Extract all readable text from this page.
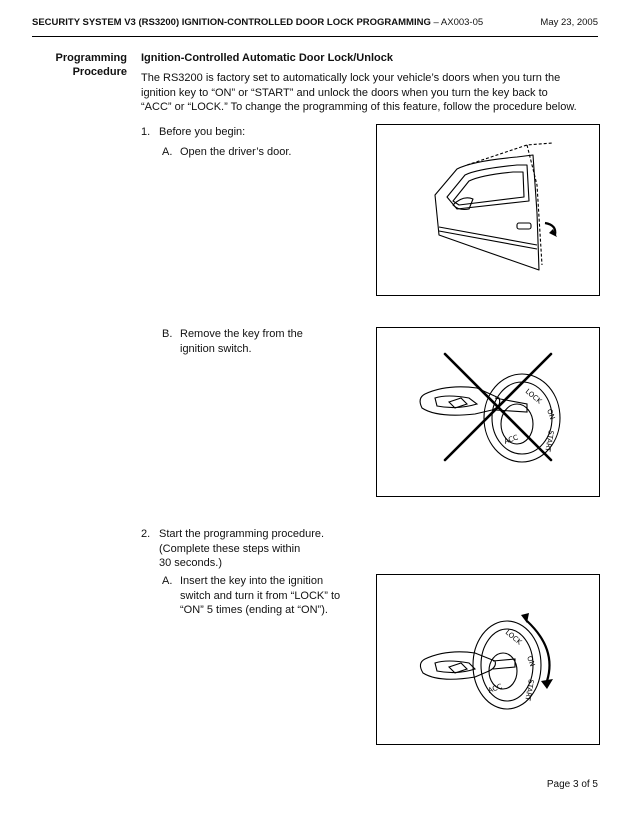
SECURITY SYSTEM V3 (RS3200) IGNITION-CONTROLLED DOOR LOCK PROGRAMMING – AX003-05	May 23, 2005
Programming
Procedure
Ignition-Controlled Automatic Door Lock/Unlock
The RS3200 is factory set to automatically lock your vehicle’s doors when you turn the
ignition key to “ON” or “START” and unlock the doors when you turn the key back to
“ACC” or “LOCK.” To change the programming of this feature, follow the procedure below.
1. Before you begin:
A. Open the driver’s door.
B. Remove the key from the
ignition switch.
2. Start the programming procedure.
(Complete these steps within
30 seconds.)
A. Insert the key into the ignition
switch and turn it from “LOCK” to
“ON” 5 times (ending at “ON”).
LOCK
ON
ACC	START
LOCK
ON
ACC	START
Page 3 of 5
